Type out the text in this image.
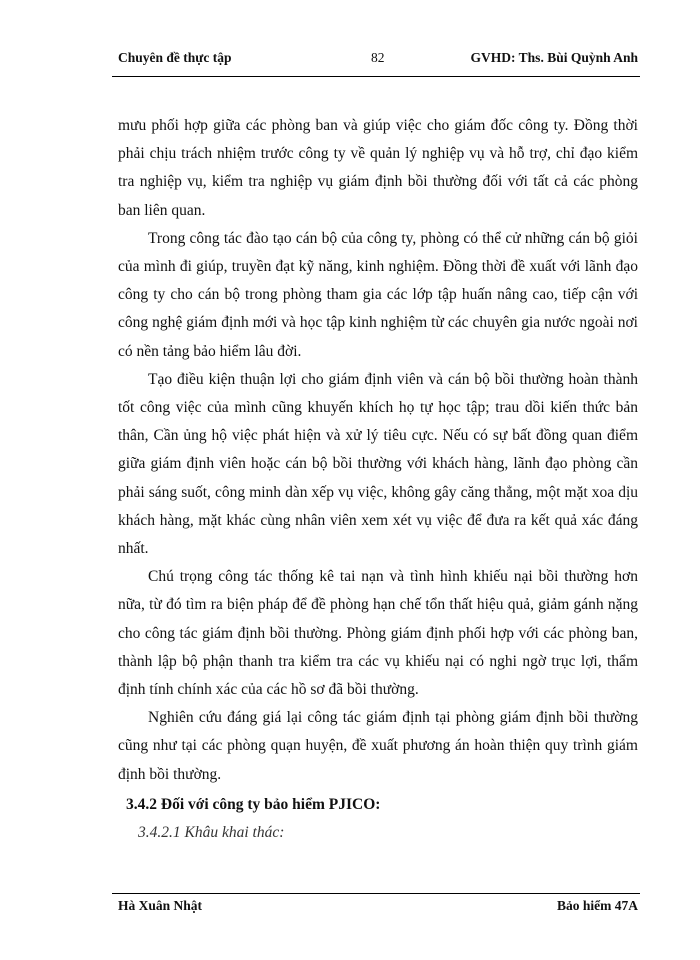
Chuyên đề thực tập	82	GVHD: Ths. Bùi Quỳnh Anh

mưu phối hợp giữa các phòng ban và giúp việc cho giám đốc công ty. Đồng thời phải chịu trách nhiệm trước công ty về quản lý nghiệp vụ và hỗ trợ, chỉ đạo kiểm tra nghiệp vụ, kiểm tra nghiệp vụ giám định bồi thường đối với tất cả các phòng ban liên quan.

Trong công tác đào tạo cán bộ của công ty, phòng có thể cử những cán bộ giỏi của mình đi giúp, truyền đạt kỹ năng, kinh nghiệm. Đồng thời đề xuất với lãnh đạo công ty cho cán bộ trong phòng tham gia các lớp tập huấn nâng cao, tiếp cận với công nghệ giám định mới và học tập kinh nghiệm từ các chuyên gia nước ngoài nơi có nền tảng bảo hiểm lâu đời.

Tạo điều kiện thuận lợi cho giám định viên và cán bộ bồi thường hoàn thành tốt công việc của mình cũng khuyến khích họ tự học tập; trau dồi kiến thức bản thân, Cần ủng hộ việc phát hiện và xử lý tiêu cực. Nếu có sự bất đồng quan điểm giữa giám định viên hoặc cán bộ bồi thường với khách hàng, lãnh đạo phòng cần phải sáng suốt, công minh dàn xếp vụ việc, không gây căng thẳng, một mặt xoa dịu khách hàng, mặt khác cùng nhân viên xem xét vụ việc để đưa ra kết quả xác đáng nhất.

Chú trọng công tác thống kê tai nạn và tình hình khiếu nại bồi thường hơn nữa, từ đó tìm ra biện pháp để đề phòng hạn chế tổn thất hiệu quả, giảm gánh nặng cho công tác giám định bồi thường. Phòng giám định phối hợp với các phòng ban, thành lập bộ phận thanh tra kiểm tra các vụ khiếu nại có nghi ngờ trục lợi, thẩm định tính chính xác của các hồ sơ đã bồi thường.

Nghiên cứu đáng giá lại công tác giám định tại phòng giám định bồi thường cũng như tại các phòng quạn huyện, đề xuất phương án hoàn thiện quy trình giám định bồi thường.

3.4.2 Đối với công ty bảo hiểm PJICO:
3.4.2.1 Khâu khai thác:
Hà Xuân Nhật	Bảo hiểm 47A
